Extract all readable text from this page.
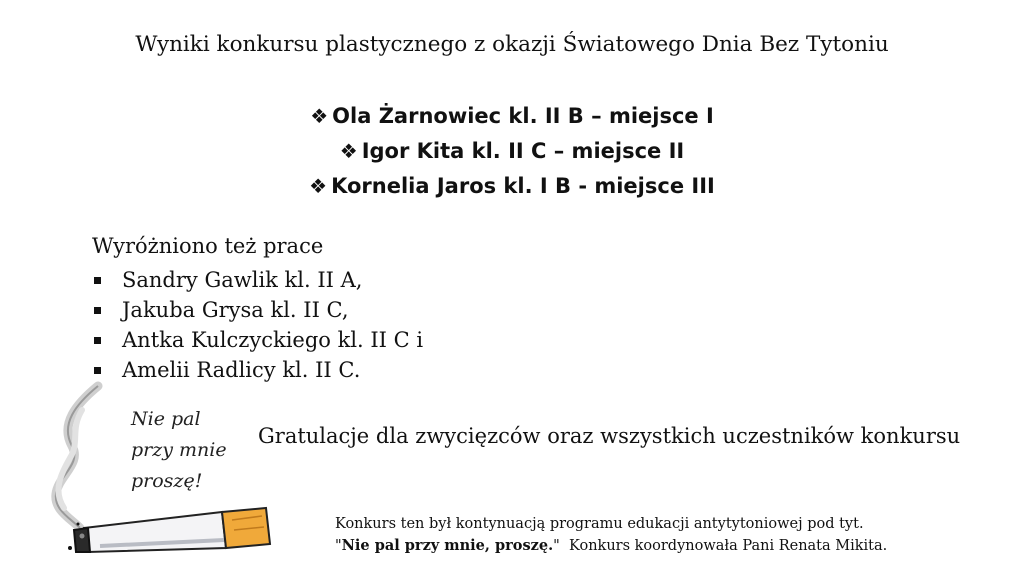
Wyniki konkursu plastycznego z okazji Światowego Dnia Bez Tytoniu
❖ Ola Żarnowiec kl. II B – miejsce I
❖ Igor Kita kl. II C – miejsce II
❖ Kornelia Jaros kl. I B - miejsce III
Wyróżniono też prace
Sandry Gawlik kl. II A,
Jakuba Grysa kl. II C,
Antka Kulczyckiego kl. II C i
Amelii Radlicy kl. II C.
Nie pal
przy mnie
proszę!
Gratulacje dla zwycięzców oraz wszystkich uczestników konkursu
Konkurs ten był kontynuacją programu edukacji antytytoniowej pod tyt.
"Nie pal przy mnie, proszę."  Konkurs koordynowała Pani Renata Mikita.
